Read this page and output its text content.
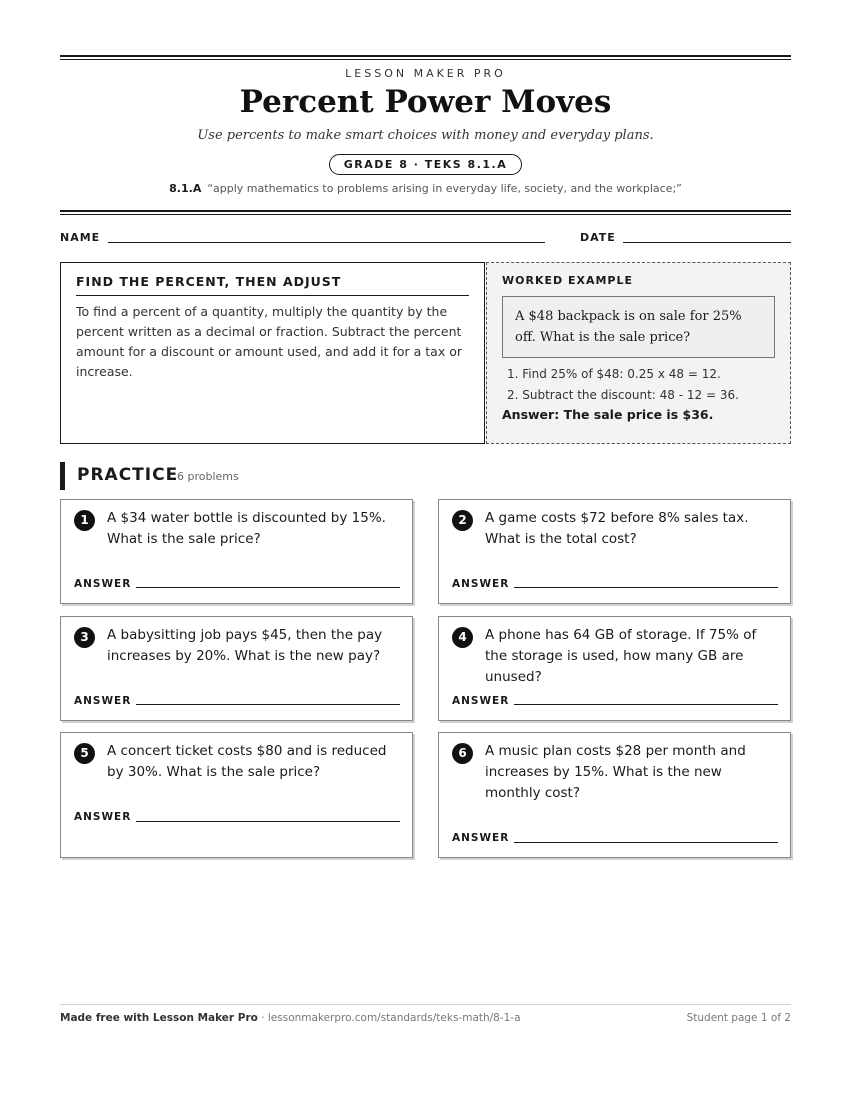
LESSON MAKER PRO
Percent Power Moves
Use percents to make smart choices with money and everyday plans.
GRADE 8 · TEKS 8.1.A
8.1.A “apply mathematics to problems arising in everyday life, society, and the workplace;”
NAME	DATE
FIND THE PERCENT, THEN ADJUST
To find a percent of a quantity, multiply the quantity by the percent written as a decimal or fraction. Subtract the percent amount for a discount or amount used, and add it for a tax or increase.
WORKED EXAMPLE
A $48 backpack is on sale for 25% off. What is the sale price?
1. Find 25% of $48: 0.25 x 48 = 12.
2. Subtract the discount: 48 - 12 = 36.
Answer: The sale price is $36.
PRACTICE
6 problems
1	A $34 water bottle is discounted by 15%. What is the sale price?
ANSWER
2	A game costs $72 before 8% sales tax. What is the total cost?
ANSWER
3	A babysitting job pays $45, then the pay increases by 20%. What is the new pay?
ANSWER
4	A phone has 64 GB of storage. If 75% of the storage is used, how many GB are unused?
ANSWER
5	A concert ticket costs $80 and is reduced by 30%. What is the sale price?
ANSWER
6	A music plan costs $28 per month and increases by 15%. What is the new monthly cost?
ANSWER
Made free with Lesson Maker Pro · lessonmakerpro.com/standards/teks-math/8-1-a	Student page 1 of 2
